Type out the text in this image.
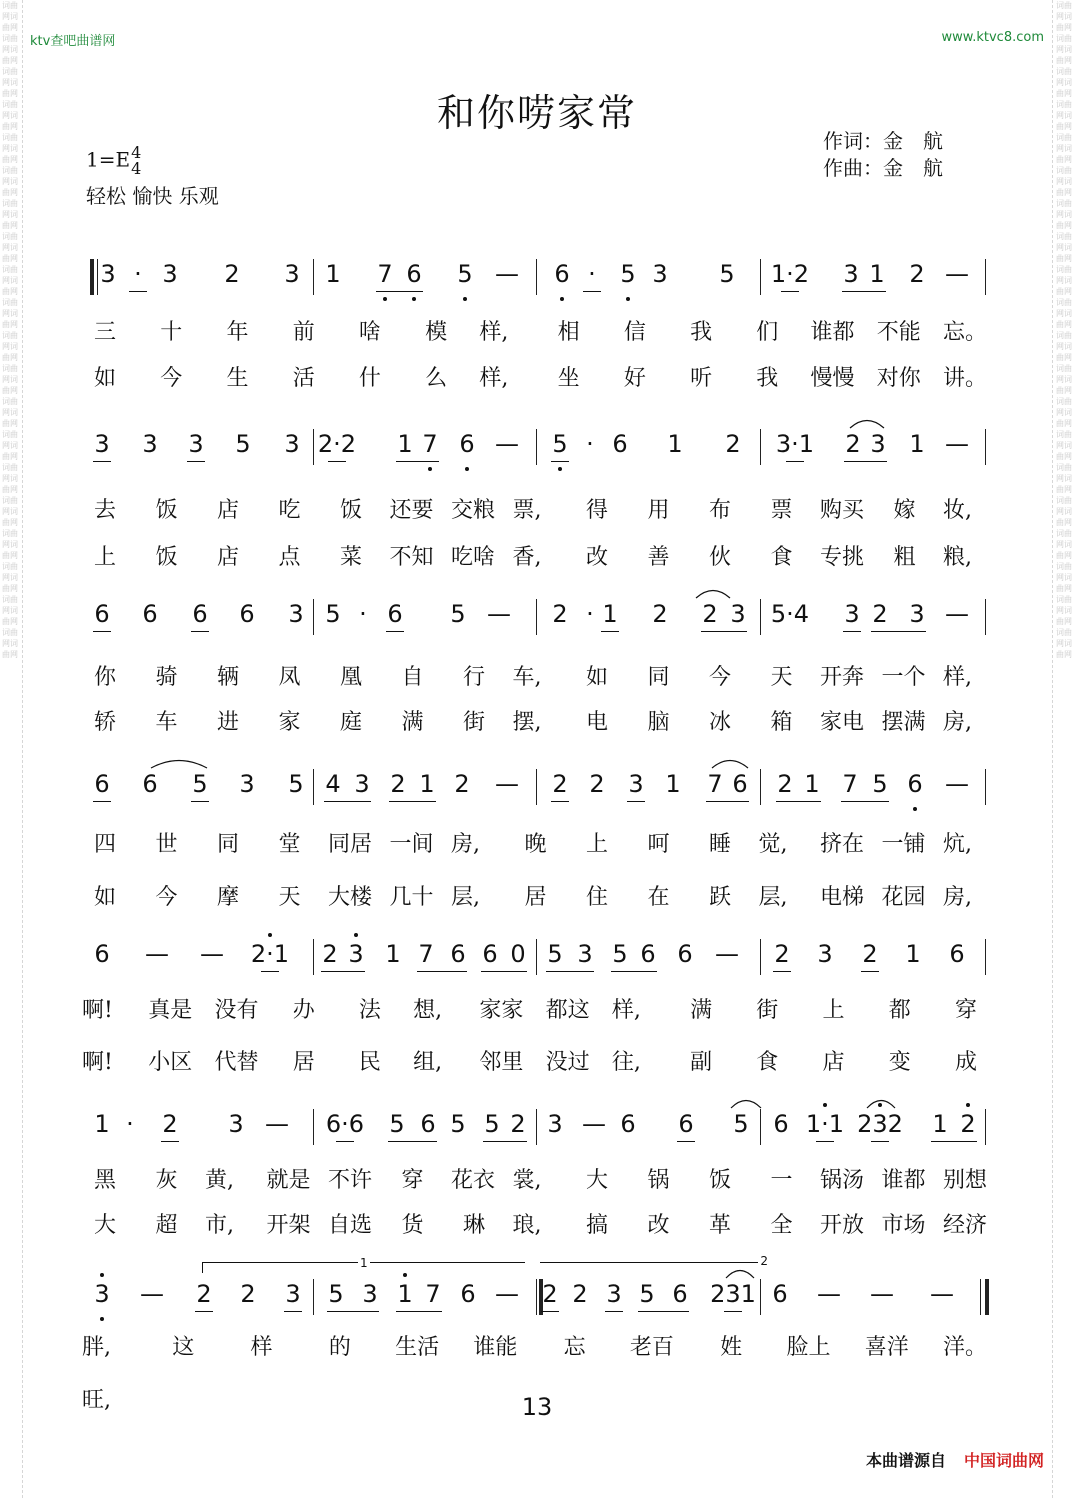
词曲网词曲网词曲网词曲网词曲网词曲网词曲网词曲网词曲网词曲网词曲网词曲网词曲网词曲网词曲网词曲网词曲网词曲网词曲网词曲网词曲网词曲网词曲网词曲网词曲网词曲网词曲网词曲网词曲网词曲网词曲网词曲网词曲网词曲网词曲网词曲网词曲网词曲网词曲网词曲网
词曲网词曲网词曲网词曲网词曲网词曲网词曲网词曲网词曲网词曲网词曲网词曲网词曲网词曲网词曲网词曲网词曲网词曲网词曲网词曲网词曲网词曲网词曲网词曲网词曲网词曲网词曲网词曲网词曲网词曲网词曲网词曲网词曲网词曲网词曲网词曲网词曲网词曲网词曲网词曲网
ktv查吧曲谱网	www.ktvc8.com
和你唠家常
1=E 4
4
轻松 愉快 乐观
作词：金　航
作曲：金　航
3 · 3 2 3 1 7 6 5 — 6 · 5 3 5 1·2 3 1 2 —
三 十 年 前 啥 模 样, 相 信 我 们 谁都 不能 忘。
如 今 生 活 什 么 样, 坐 好 听 我 慢慢 对你 讲。
3 3 3 5 3 2·2 1 7 6 — 5 · 6 1 2 3·1 2 3 1 —
去 饭 店 吃 饭 还要 交粮 票, 得 用 布 票 购买 嫁 妆,
上 饭 店 点 菜 不知 吃啥 香, 改 善 伙 食 专挑 粗 粮,
6 6 6 6 3 5 · 6 5 — 2 · 1 2 2 3 5·4 3 2 3 —
你 骑 辆 凤 凰 自 行 车, 如 同 今 天 开奔 一个 样,
轿 车 进 家 庭 满 街 摆, 电 脑 冰 箱 家电 摆满 房,
6 6 5 3 5 4 3 2 1 2 — 2 2 3 1 7 6 2 1 7 5 6 —
四 世 同 堂 同居 一间 房, 晚 上 呵 睡 觉, 挤在 一铺 炕,
如 今 摩 天 大楼 几十 层, 居 住 在 跃 层, 电梯 花园 房,
6 — — 2·1 2 3 1 7 6 6 0 5 3 5 6 6 — 2 3 2 1 6
啊! 真是 没有 办 法 想, 家家 都这 样, 满 街 上 都 穿
啊! 小区 代替 居 民 组, 邻里 没过 往, 副 食 店 变 成
1 · 2 3 — 6·6 5 6 5 5 2 3 — 6 6 5 6 1·1 232 1 2
黑 灰 黄, 就是 不许 穿 花衣 裳, 大 锅 饭 一 锅汤 谁都 别想
大 超 市, 开架 自选 货 琳 琅, 搞 改 革 全 开放 市场 经济
3 — 2 2 3 5 3 1 7 6 — 2 2 3 5 6 231 6 — — —
胖,	这	样	的 生活 谁能 忘 老百 姓 脸上 喜洋 洋。
旺,
1	2
13
本曲谱源自 中国词曲网
